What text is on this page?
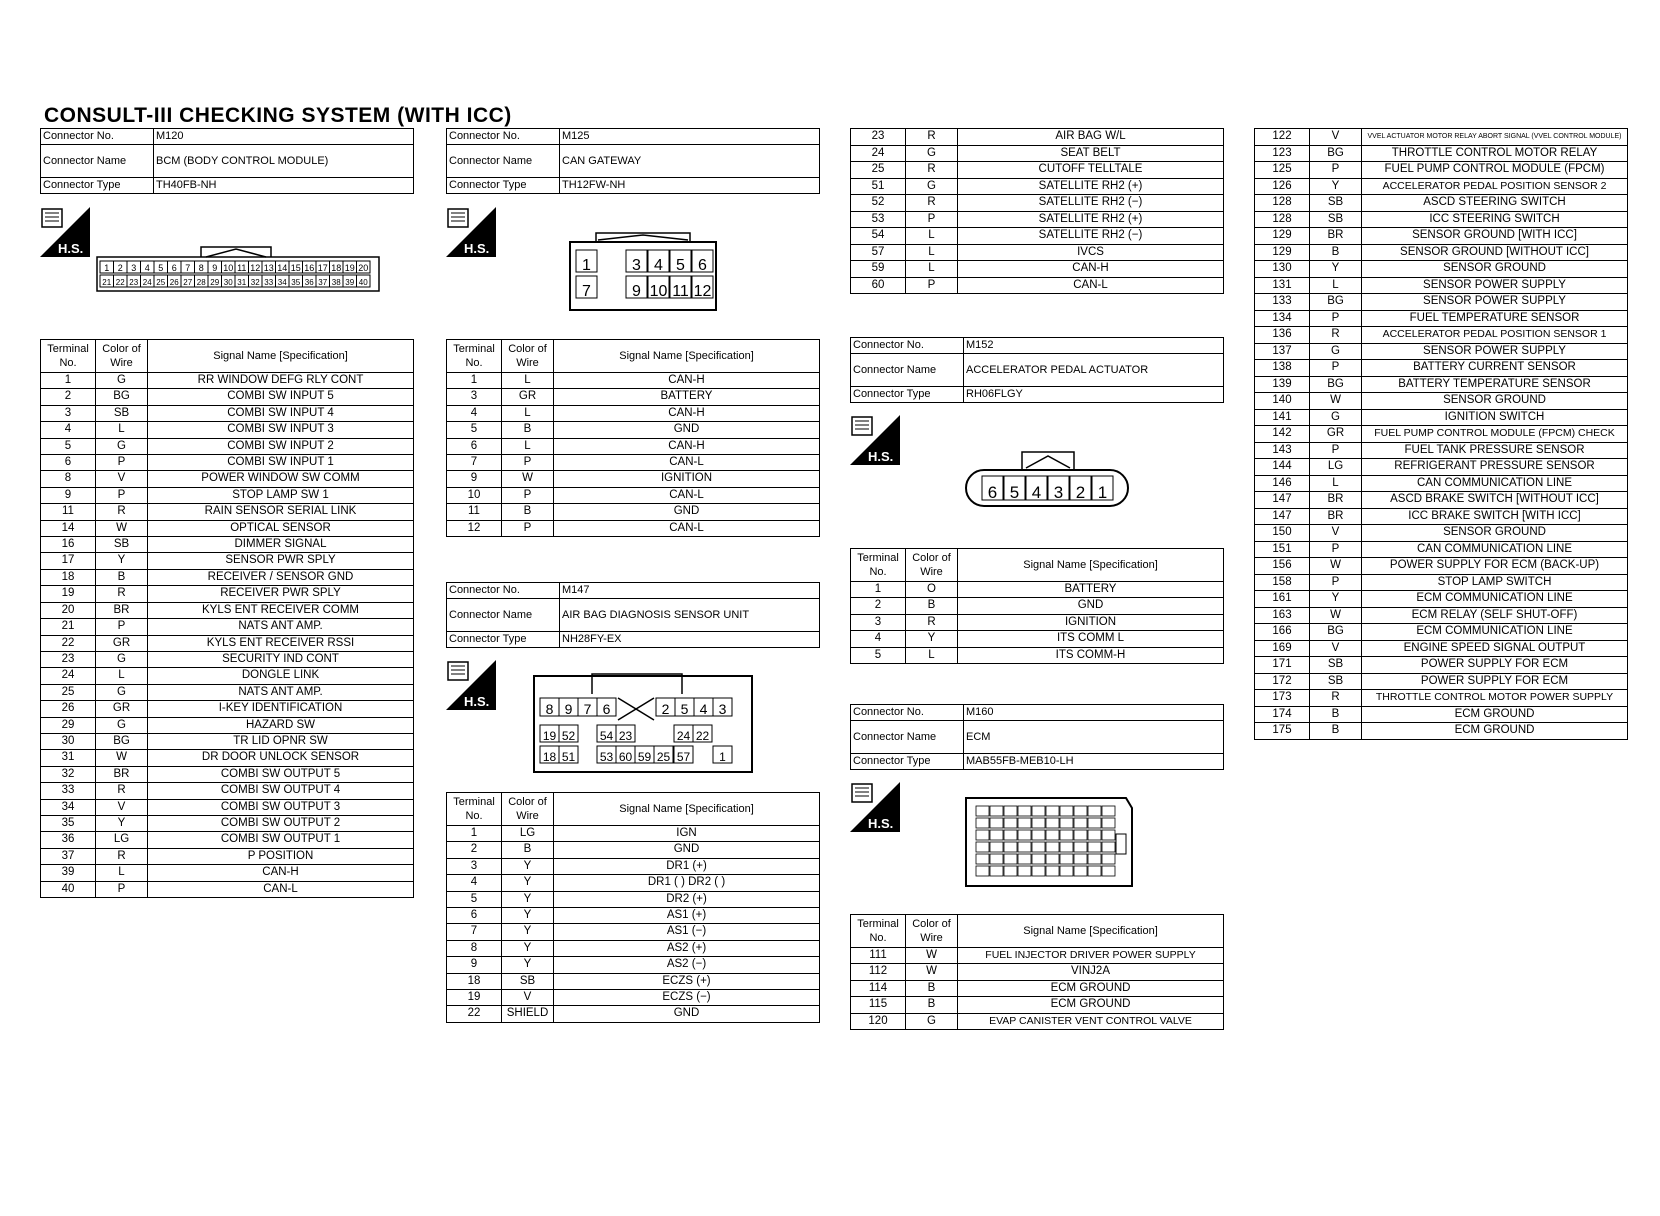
CONSULT-III CHECKING SYSTEM (WITH ICC)
Connector No.	M120
Connector Name	BCM (BODY CONTROL MODULE)
Connector Type	TH40FB-NH
H.S.
1 2 3 4 5 6 7 8 9 10 11 12 13 14 15 16 17 18 19 20
21 22 23 24 25 26 27 28 29 30 31 32 33 34 35 36 37 38 39 40
Terminal No.	Color of Wire	Signal Name [Specification]
1	G	RR WINDOW DEFG RLY CONT
2	BG	COMBI SW INPUT 5
3	SB	COMBI SW INPUT 4
4	L	COMBI SW INPUT 3
5	G	COMBI SW INPUT 2
6	P	COMBI SW INPUT 1
8	V	POWER WINDOW SW COMM
9	P	STOP LAMP SW 1
11	R	RAIN SENSOR SERIAL LINK
14	W	OPTICAL SENSOR
16	SB	DIMMER SIGNAL
17	Y	SENSOR PWR SPLY
18	B	RECEIVER / SENSOR GND
19	R	RECEIVER PWR SPLY
20	BR	KYLS ENT RECEIVER COMM
21	P	NATS ANT AMP.
22	GR	KYLS ENT RECEIVER RSSI
23	G	SECURITY IND CONT
24	L	DONGLE LINK
25	G	NATS ANT AMP.
26	GR	I-KEY IDENTIFICATION
29	G	HAZARD SW
30	BG	TR LID OPNR SW
31	W	DR DOOR UNLOCK SENSOR
32	BR	COMBI SW OUTPUT 5
33	R	COMBI SW OUTPUT 4
34	V	COMBI SW OUTPUT 3
35	Y	COMBI SW OUTPUT 2
36	LG	COMBI SW OUTPUT 1
37	R	P POSITION
39	L	CAN-H
40	P	CAN-L
Connector No.	M125
Connector Name	CAN GATEWAY
Connector Type	TH12FW-NH
H.S.
1
7
3
9
4
10
5
11
6
12
Terminal No.	Color of Wire	Signal Name [Specification]
1	L	CAN-H
3	GR	BATTERY
4	L	CAN-H
5	B	GND
6	L	CAN-H
7	P	CAN-L
9	W	IGNITION
10	P	CAN-L
11	B	GND
12	P	CAN-L
Connector No.	M147
Connector Name	AIR BAG DIAGNOSIS SENSOR UNIT
Connector Type	NH28FY-EX
H.S.	8 9 7 6	2 5 4 3
19 52 54 23	24 22
18 51 53 60 59 25 57 1
Terminal No.	Color of Wire	Signal Name [Specification]
1	LG	IGN
2	B	GND
3	Y	DR1 (+)
4	Y	DR1 ( ) DR2 ( )
5	Y	DR2 (+)
6	Y	AS1 (+)
7	Y	AS1 (−)
8	Y	AS2 (+)
9	Y	AS2 (−)
18	SB	ECZS (+)
19	V	ECZS (−)
22	SHIELD	GND
23	R	AIR BAG W/L
24	G	SEAT BELT
25	R	CUTOFF TELLTALE
51	G	SATELLITE RH2 (+)
52	R	SATELLITE RH2 (−)
53	P	SATELLITE RH2 (+)
54	L	SATELLITE RH2 (−)
57	L	IVCS
59	L	CAN-H
60	P	CAN-L
Connector No.	M152
Connector Name	ACCELERATOR PEDAL ACTUATOR
Connector Type	RH06FLGY
H.S.
6 5 4 3 2 1
Terminal No.	Color of Wire	Signal Name [Specification]
1	O	BATTERY
2	B	GND
3	R	IGNITION
4	Y	ITS COMM L
5	L	ITS COMM-H
Connector No.	M160
Connector Name	ECM
Connector Type	MAB55FB-MEB10-LH
H.S.
Terminal No.	Color of Wire	Signal Name [Specification]
111	W	FUEL INJECTOR DRIVER POWER SUPPLY
112	W	VINJ2A
114	B	ECM GROUND
115	B	ECM GROUND
120	G	EVAP CANISTER VENT CONTROL VALVE
122	V	VVEL ACTUATOR MOTOR RELAY ABORT SIGNAL (VVEL CONTROL MODULE)
123	BG	THROTTLE CONTROL MOTOR RELAY
125	P	FUEL PUMP CONTROL MODULE (FPCM)
126	Y	ACCELERATOR PEDAL POSITION SENSOR 2
128	SB	ASCD STEERING SWITCH
128	SB	ICC STEERING SWITCH
129	BR	SENSOR GROUND [WITH ICC]
129	B	SENSOR GROUND [WITHOUT ICC]
130	Y	SENSOR GROUND
131	L	SENSOR POWER SUPPLY
133	BG	SENSOR POWER SUPPLY
134	P	FUEL TEMPERATURE SENSOR
136	R	ACCELERATOR PEDAL POSITION SENSOR 1
137	G	SENSOR POWER SUPPLY
138	P	BATTERY CURRENT SENSOR
139	BG	BATTERY TEMPERATURE SENSOR
140	W	SENSOR GROUND
141	G	IGNITION SWITCH
142	GR	FUEL PUMP CONTROL MODULE (FPCM) CHECK
143	P	FUEL TANK PRESSURE SENSOR
144	LG	REFRIGERANT PRESSURE SENSOR
146	L	CAN COMMUNICATION LINE
147	BR	ASCD BRAKE SWITCH [WITHOUT ICC]
147	BR	ICC BRAKE SWITCH [WITH ICC]
150	V	SENSOR GROUND
151	P	CAN COMMUNICATION LINE
156	W	POWER SUPPLY FOR ECM (BACK-UP)
158	P	STOP LAMP SWITCH
161	Y	ECM COMMUNICATION LINE
163	W	ECM RELAY (SELF SHUT-OFF)
166	BG	ECM COMMUNICATION LINE
169	V	ENGINE SPEED SIGNAL OUTPUT
171	SB	POWER SUPPLY FOR ECM
172	SB	POWER SUPPLY FOR ECM
173	R	THROTTLE CONTROL MOTOR POWER SUPPLY
174	B	ECM GROUND
175	B	ECM GROUND
